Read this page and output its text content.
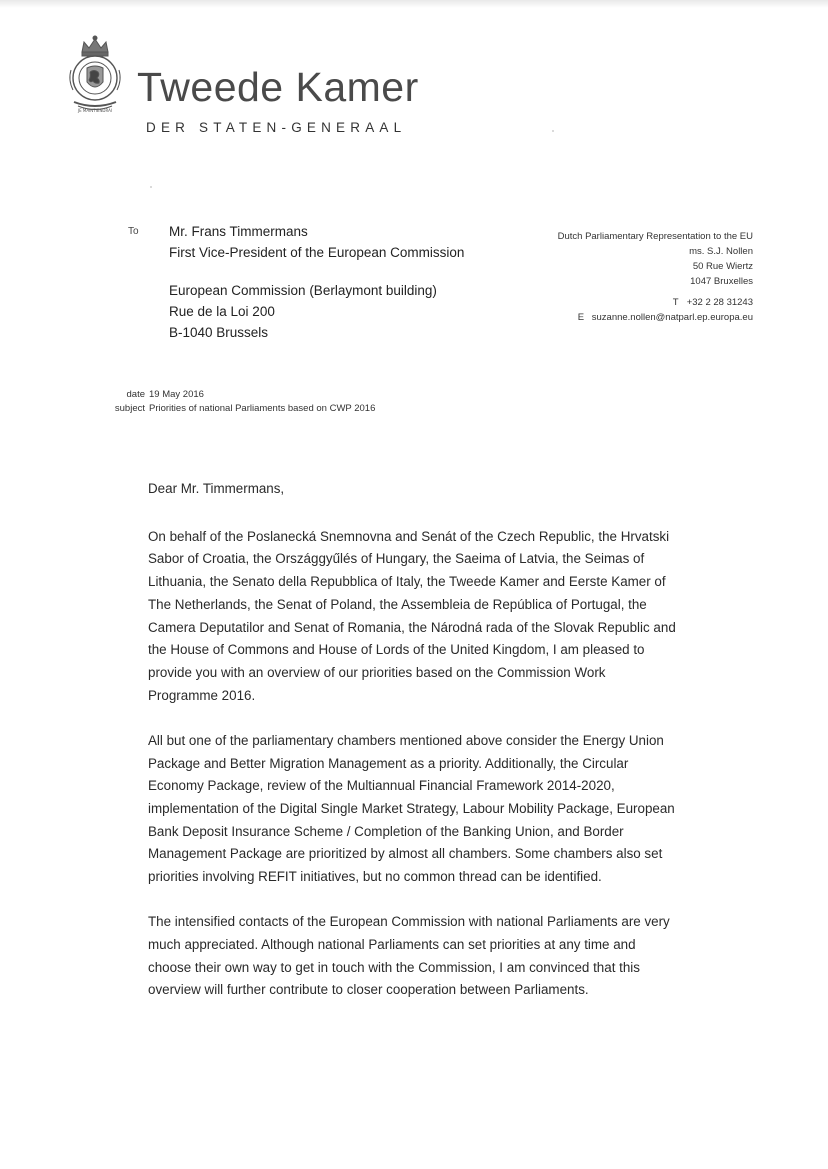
JE MAINTIENDRAI
Tweede Kamer
DER STATEN-GENERAAL
To Mr. Frans Timmermans
First Vice-President of the European Commission
European Commission (Berlaymont building)
Rue de la Loi 200
B-1040 Brussels
Dutch Parliamentary Representation to the EU
ms. S.J. Nollen
50 Rue Wiertz
1047 Bruxelles
T +32 2 28 31243
E suzanne.nollen@natparl.ep.europa.eu
date
subject
19 May 2016
Priorities of national Parliaments based on CWP 2016

Dear Mr. Timmermans,

On behalf of the Poslanecká Snemnovna and Senát of the Czech Republic, the Hrvatski

Sabor of Croatia, the Országgyűlés of Hungary, the Saeima of Latvia, the Seimas of

Lithuania, the Senato della Repubblica of Italy, the Tweede Kamer and Eerste Kamer of

The Netherlands, the Senat of Poland, the Assembleia de República of Portugal, the

Camera Deputatilor and Senat of Romania, the Národná rada of the Slovak Republic and

the House of Commons and House of Lords of the United Kingdom, I am pleased to

provide you with an overview of our priorities based on the Commission Work

Programme 2016.

All but one of the parliamentary chambers mentioned above consider the Energy Union

Package and Better Migration Management as a priority. Additionally, the Circular

Economy Package, review of the Multiannual Financial Framework 2014-2020,

implementation of the Digital Single Market Strategy, Labour Mobility Package, European

Bank Deposit Insurance Scheme / Completion of the Banking Union, and Border

Management Package are prioritized by almost all chambers. Some chambers also set

priorities involving REFIT initiatives, but no common thread can be identified.

The intensified contacts of the European Commission with national Parliaments are very

much appreciated. Although national Parliaments can set priorities at any time and

choose their own way to get in touch with the Commission, I am convinced that this

overview will further contribute to closer cooperation between Parliaments.
